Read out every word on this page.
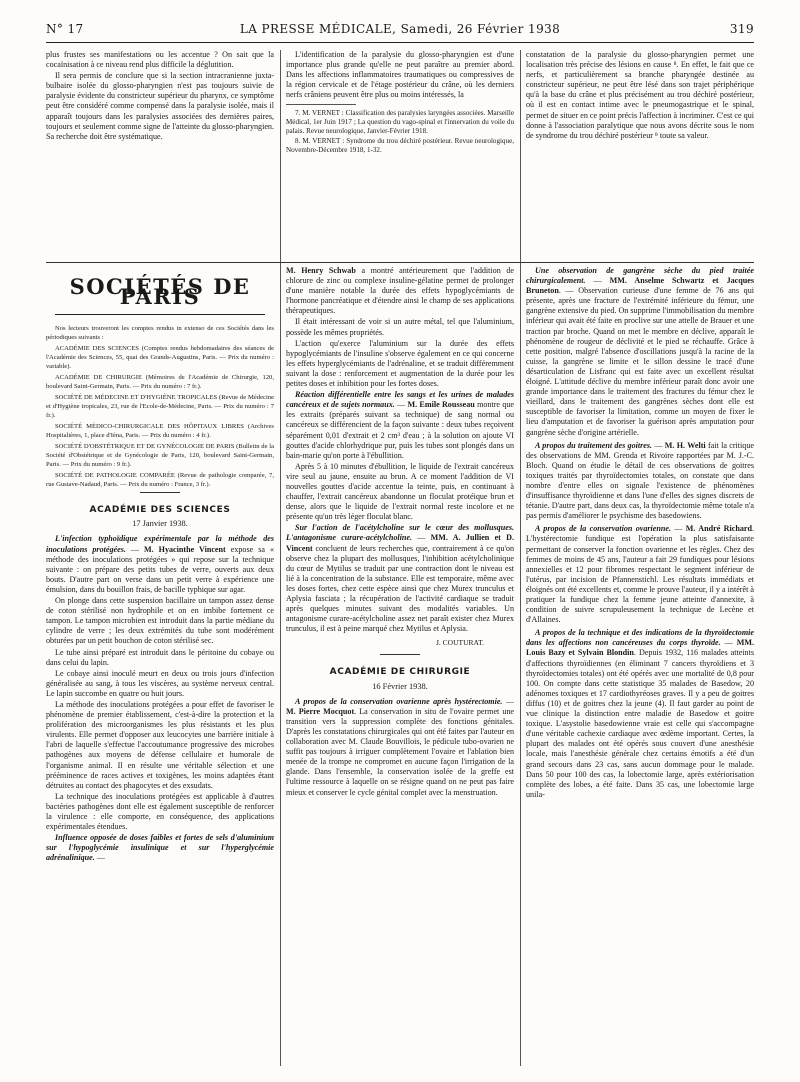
N° 17	LA PRESSE MÉDICALE, Samedi, 26 Février 1938	319

plus frustes ses manifestations ou les accentue ? On sait que la cocaïnisation à ce niveau rend plus difficile la déglutition.

Il sera permis de conclure que si la section intracranienne juxta-bulbaire isolée du glosso-pharyngien n'est pas toujours suivie de paralysie évidente du constricteur supérieur du pharynx, ce symptôme peut être considéré comme compensé dans la paralysie isolée, mais il apparaît toujours dans les paralysies associées des dernières paires, toujours et seulement comme signe de l'atteinte du glosso-pharyngien. Sa recherche doit être systématique.

L'identification de la paralysie du glosso-pharyngien est d'une importance plus grande qu'elle ne peut paraître au premier abord. Dans les affections inflammatoires traumatiques ou compressives de la région cervicale et de l'étage postérieur du crâne, où les derniers nerfs crâniens peuvent être plus ou moins intéressés, la

7. M. VERNET : Classification des paralysies laryngées associées. Marseille Médical, 1er Juin 1917 ; La question du vago-spinal et l'innervation du voile du palais. Revue neurologique, Janvier-Février 1918.

8. M. VERNET : Syndrome du trou déchiré postérieur. Revue neurologique, Novembre-Décembre 1918, 1-32.

constatation de la paralysie du glosso-pharyngien permet une localisation très précise des lésions en cause ⁸. En effet, le fait que ce nerfs, et particulièrement sa branche pharyngée destinée au constricteur supérieur, ne peut être lésé dans son trajet périphérique qu'à la base du crâne et plus précisément au trou déchiré postérieur, où il est en contact intime avec le pneumogastrique et le spinal, permet de situer en ce point précis l'affection à incriminer. C'est ce qui donne à l'association paralytique que nous avons décrite sous le nom de syndrome du trou déchiré postérieur ⁸ toute sa valeur.

SOCIÉTÉS DE PARIS

Nos lecteurs trouveront les comptes rendus in extenso de ces Sociétés dans les périodiques suivants :

ACADÉMIE DES SCIENCES (Comptes rendus hebdomadaires des séances de l'Académie des Sciences, 55, quai des Grands-Augustins, Paris. — Prix du numéro : variable).

ACADÉMIE DE CHIRURGIE (Mémoires de l'Académie de Chirurgie, 120, boulevard Saint-Germain, Paris. — Prix du numéro : 7 fr.).

SOCIÉTÉ DE MÉDECINE ET D'HYGIÈNE TROPICALES (Revue de Médecine et d'Hygiène tropicales, 23, rue de l'Ecole-de-Médecine, Paris. — Prix du numéro : 7 fr.).

SOCIÉTÉ MÉDICO-CHIRURGICALE DES HÔPITAUX LIBRES (Archives Hospitalières, 1, place d'Iéna, Paris. — Prix du numéro : 4 fr.).

SOCIÉTÉ D'OBSTÉTRIQUE ET DE GYNÉCOLOGIE DE PARIS (Bulletin de la Société d'Obstétrique et de Gynécologie de Paris, 120, boulevard Saint-Germain, Paris. — Prix du numéro : 9 fr.).

SOCIÉTÉ DE PATHOLOGIE COMPARÉE (Revue de pathologie comparée, 7, rue Gustave-Nadaud, Paris. — Prix du numéro : France, 3 fr.).

ACADÉMIE DES SCIENCES
17 Janvier 1938.

L'infection typhoïdique expérimentale par la méthode des inoculations protégées. — M. Hyacinthe Vincent expose sa « méthode des inoculations protégées » qui repose sur la technique suivante : on prépare des petits tubes de verre, ouverts aux deux bouts. D'autre part on verse dans un petit verre à expérience une émulsion, dans du bouillon frais, de bacille typhique sur agar.

On plonge dans cette suspension bacillaire un tampon assez dense de coton stérilisé non hydrophile et on en imbibe fortement ce tampon. Le tampon microbien est introduit dans la partie médiane du cylindre de verre ; les deux extrémités du tube sont modérément obturées par un petit bouchon de coton stérilisé sec.

Le tube ainsi préparé est introduit dans le péritoine du cobaye ou dans celui du lapin.

Le cobaye ainsi inoculé meurt en deux ou trois jours d'infection généralisée au sang, à tous les viscères, au système nerveux central. Le lapin succombe en quatre ou huit jours.

La méthode des inoculations protégées a pour effet de favoriser le phénomène de premier établissement, c'est-à-dire la protection et la prolifération des microorganismes les plus résistants et les plus virulents. Elle permet d'opposer aux leucocytes une barrière initiale à l'abri de laquelle s'effectue l'accoutumance progressive des microbes pathogènes aux moyens de défense cellulaire et humorale de l'organisme animal. Il en résulte une véritable sélection et une prééminence de races actives et toxigènes, les moins adaptées étant détruites au contact des phagocytes et des exsudats.

La technique des inoculations protégées est applicable à d'autres bactéries pathogènes dont elle est également susceptible de renforcer la virulence : elle comporte, en conséquence, des applications expérimentales étendues.

Influence opposée de doses faibles et fortes de sels d'aluminium sur l'hypoglycémie insulinique et sur l'hyperglycémie adrénalinique. —

M. Henry Schwab a montré antérieurement que l'addition de chlorure de zinc ou complexe insuline-gélatine permet de prolonger d'une manière notable la durée des effets hypoglycémiants de l'hormone pancréatique et d'étendre ainsi le champ de ses applications thérapeutiques.

Il était intéressant de voir si un autre métal, tel que l'aluminium, possède les mêmes propriétés.

L'action qu'exerce l'aluminium sur la durée des effets hypoglycémiants de l'insuline s'observe également en ce qui concerne les effets hyperglycémiants de l'adrénaline, et se traduit différemment suivant la dose : renforcement et augmentation de la durée pour les petites doses et inhibition pour les fortes doses.

Réaction différentielle entre les sangs et les urines de malades cancéreux et de sujets normaux. — M. Emile Rousseau montre que les extraits (préparés suivant sa technique) de sang normal ou cancéreux se différencient de la façon suivante : deux tubes reçoivent séparément 0,01 d'extrait et 2 cm³ d'eau ; à la solution on ajoute VI gouttes d'acide chlorhydrique pur, puis les tubes sont plongés dans un bain-marie qu'on porte à l'ébullition.

Après 5 à 10 minutes d'ébullition, le liquide de l'extrait cancéreux vire seul au jaune, ensuite au brun. A ce moment l'addition de VI nouvelles gouttes d'acide accentue la teinte, puis, en continuant à chauffer, l'extrait cancéreux abandonne un floculat protéique brun et dense, alors que le liquide de l'extrait normal reste incolore et ne présente qu'un très léger floculat blanc.

Sur l'action de l'acétylcholine sur le cœur des mollusques. L'antagonisme curare-acétylcholine. — MM. A. Jullien et D. Vincent concluent de leurs recherches que, contrairement à ce qu'on observe chez la plupart des mollusques, l'inhibition acétylcholinique du cœur de Mytilus se traduit par une contraction dont le niveau est lié à la concentration de la substance. Elle est temporaire, même avec les doses fortes, chez cette espèce ainsi que chez Murex trunculus et Aplysia fasciata ; la récupération de l'activité cardiaque se traduit après quelques minutes suivant des modalités variables. Un antagonisme curare-acétylcholine assez net paraît exister chez Murex trunculus, il est à peine marqué chez Mytilus et Aplysia.

J. COUTURAT.
ACADÉMIE DE CHIRURGIE
16 Février 1938.

A propos de la conservation ovarienne après hystérectomie. — M. Pierre Mocquot. La conservation in situ de l'ovaire permet une transition vers la suppression complète des fonctions génitales. D'après les constatations chirurgicales qui ont été faites par l'auteur en collaboration avec M. Claude Bouvillois, le pédicule tubo-ovarien ne suffit pas toujours à irriguer complètement l'ovaire et l'ablation bien menée de la trompe ne compromet en aucune façon l'irrigation de la glande. Dans l'ensemble, la conservation isolée de la greffe est l'ultime ressource à laquelle on se résigne quand on ne peut pas faire mieux et conserver le cycle génital complet avec la menstruation.

Une observation de gangrène sèche du pied traitée chirurgicalement. — MM. Anselme Schwartz et Jacques Bruneton. — Observation curieuse d'une femme de 76 ans qui présente, après une fracture de l'extrémité inférieure du fémur, une gangrène extensive du pied. On supprime l'immobilisation du membre inférieur qui avait été faite en proclive sur une attelle de Brauer et une traction par broche. Quand on met le membre en déclive, apparaît le phénomène de rougeur de déclivité et le pied se réchauffe. Grâce à cette position, malgré l'absence d'oscillations jusqu'à la racine de la cuisse, la gangrène se limite et le sillon dessine le tracé d'une désarticulation de Lisfranc qui est faite avec un excellent résultat éloigné. L'attitude déclive du membre inférieur paraît donc avoir une grande importance dans le traitement des fractures du fémur chez le vieillard, dans le traitement des gangrènes sèches dont elle est susceptible de favoriser la limitation, comme un moyen de fixer le lieu d'amputation et de favoriser la guérison après amputation pour gangrène sèche d'origine artérielle.

A propos du traitement des goitres. — M. H. Welti fait la critique des observations de MM. Grenda et Rivoire rapportées par M. J.-C. Bloch. Quand on étudie le détail de ces observations de goitres toxiques traités par thyroïdectomies totales, on constate que dans nombre d'entre elles on signale l'existence de phénomènes d'insuffisance thyroïdienne et dans l'une d'elles des signes discrets de tétanie. D'autre part, dans deux cas, la thyroïdectomie même totale n'a pas permis d'améliorer le psychisme des basedowiens.

A propos de la conservation ovarienne. — M. André Richard. L'hystérectomie fundique est l'opération la plus satisfaisante permettant de conserver la fonction ovarienne et les règles. Chez des femmes de moins de 45 ans, l'auteur a fait 29 fundiques pour lésions annexielles et 12 pour fibromes respectant le segment inférieur de l'utérus, par incision de Pfannenstichl. Les résultats immédiats et éloignés ont été excellents et, comme le prouve l'auteur, il y a intérêt à pratiquer la fundique chez la femme jeune atteinte d'annexite, à condition de suivre scrupuleusement la technique de Lecène et d'Allaines.

A propos de la technique et des indications de la thyroïdectomie dans les affections non cancéreuses du corps thyroïde. — MM. Louis Bazy et Sylvain Blondin. Depuis 1932, 116 malades atteints d'affections thyroïdiennes (en éliminant 7 cancers thyroïdiens et 3 thyroïdectomies totales) ont été opérés avec une mortalité de 0,8 pour 100. On compte dans cette statistique 35 malades de Basedow, 20 adénomes toxiques et 17 cardiothyréoses graves. Il y a peu de goitres diffus (10) et de goitres chez la jeune (4). Il faut garder au point de vue clinique la distinction entre maladie de Basedow et goitre toxique. L'asystolie basedowienne vraie est celle qui s'accompagne d'une véritable cachexie cardiaque avec œdème important. Certes, la plupart des malades ont été opérés sous couvert d'une anesthésie locale, mais l'anesthésie générale chez certains émotifs a été d'un grand secours dans 23 cas, sans aucun dommage pour le malade. Dans 50 pour 100 des cas, la lobectomie large, après extériorisation complète des lobes, a été faite. Dans 35 cas, une lobectomie large unila-
